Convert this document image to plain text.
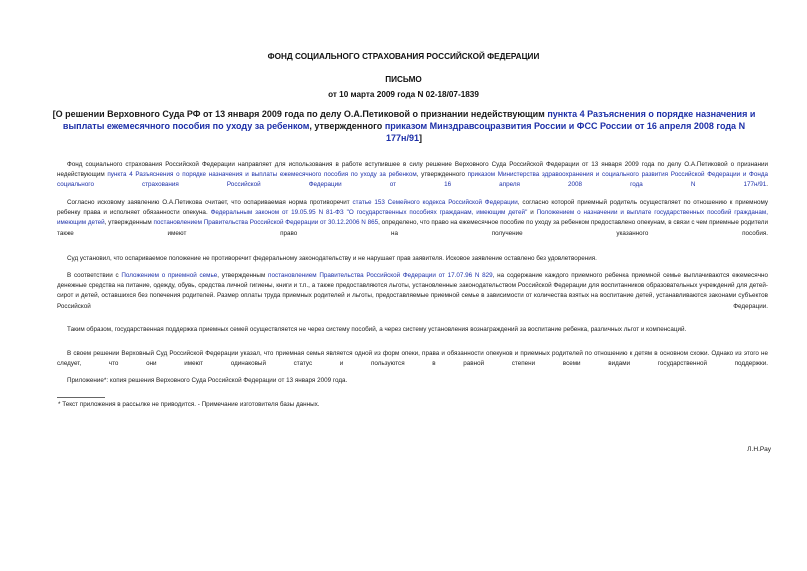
ФОНД СОЦИАЛЬНОГО СТРАХОВАНИЯ РОССИЙСКОЙ ФЕДЕРАЦИИ
ПИСЬМО
от 10 марта 2009 года N 02-18/07-1839
[О решении Верховного Суда РФ от 13 января 2009 года по делу О.А.Петиковой о признании недействующим пункта 4 Разъяснения о порядке назначения и выплаты ежемесячного пособия по уходу за ребенком, утвержденного приказом Минздравсоцразвития России и ФСС России от 16 апреля 2008 года N 177н/91]
Фонд социального страхования Российской Федерации направляет для использования в работе вступившее в силу решение Верховного Суда Российской Федерации от 13 января 2009 года по делу О.А.Петиковой о признании недействующим пункта 4 Разъяснения о порядке назначения и выплаты ежемесячного пособия по уходу за ребенком, утвержденного приказом Министерства здравоохранения и социального развития Российской Федерации и Фонда социального страхования Российской Федерации от 16 апреля 2008 года N 177н/91.
Согласно исковому заявлению О.А.Петикова считает, что оспариваемая норма противоречит статье 153 Семейного кодекса Российской Федерации, согласно которой приемный родитель осуществляет по отношению к приемному ребенку права и исполняет обязанности опекуна. Федеральным законом от 19.05.95 N 81-ФЗ "О государственных пособиях гражданам, имеющим детей" и Положением о назначении и выплате государственных пособий гражданам, имеющим детей, утвержденным постановлением Правительства Российской Федерации от 30.12.2006 N 865, определено, что право на ежемесячное пособие по уходу за ребенком предоставлено опекунам, в связи с чем приемные родители также имеют право на получение указанного пособия.
Суд установил, что оспариваемое положение не противоречит федеральному законодательству и не нарушает прав заявителя. Исковое заявление оставлено без удовлетворения.
В соответствии с Положением о приемной семье, утвержденным постановлением Правительства Российской Федерации от 17.07.96 N 829, на содержание каждого приемного ребенка приемной семье выплачиваются ежемесячно денежные средства на питание, одежду, обувь, средства личной гигиены, книги и т.п., а также предоставляются льготы, установленные законодательством Российской Федерации для воспитанников образовательных учреждений для детей-сирот и детей, оставшихся без попечения родителей. Размер оплаты труда приемных родителей и льготы, предоставляемые приемной семье в зависимости от количества взятых на воспитание детей, устанавливаются законами субъектов Российской Федерации.
Таким образом, государственная поддержка приемных семей осуществляется не через систему пособий, а через систему установления вознаграждений за воспитание ребенка, различных льгот и компенсаций.
В своем решении Верховный Суд Российской Федерации указал, что приемная семья является одной из форм опеки, права и обязанности опекунов и приемных родителей по отношению к детям в основном схожи. Однако из этого не следует, что они имеют одинаковый статус и пользуются в равной степени всеми видами государственной поддержки.
Приложение*: копия решения Верховного Суда Российской Федерации от 13 января 2009 года.
* Текст приложения в рассылке не приводится. - Примечание изготовителя базы данных.
Л.Н.Рау
